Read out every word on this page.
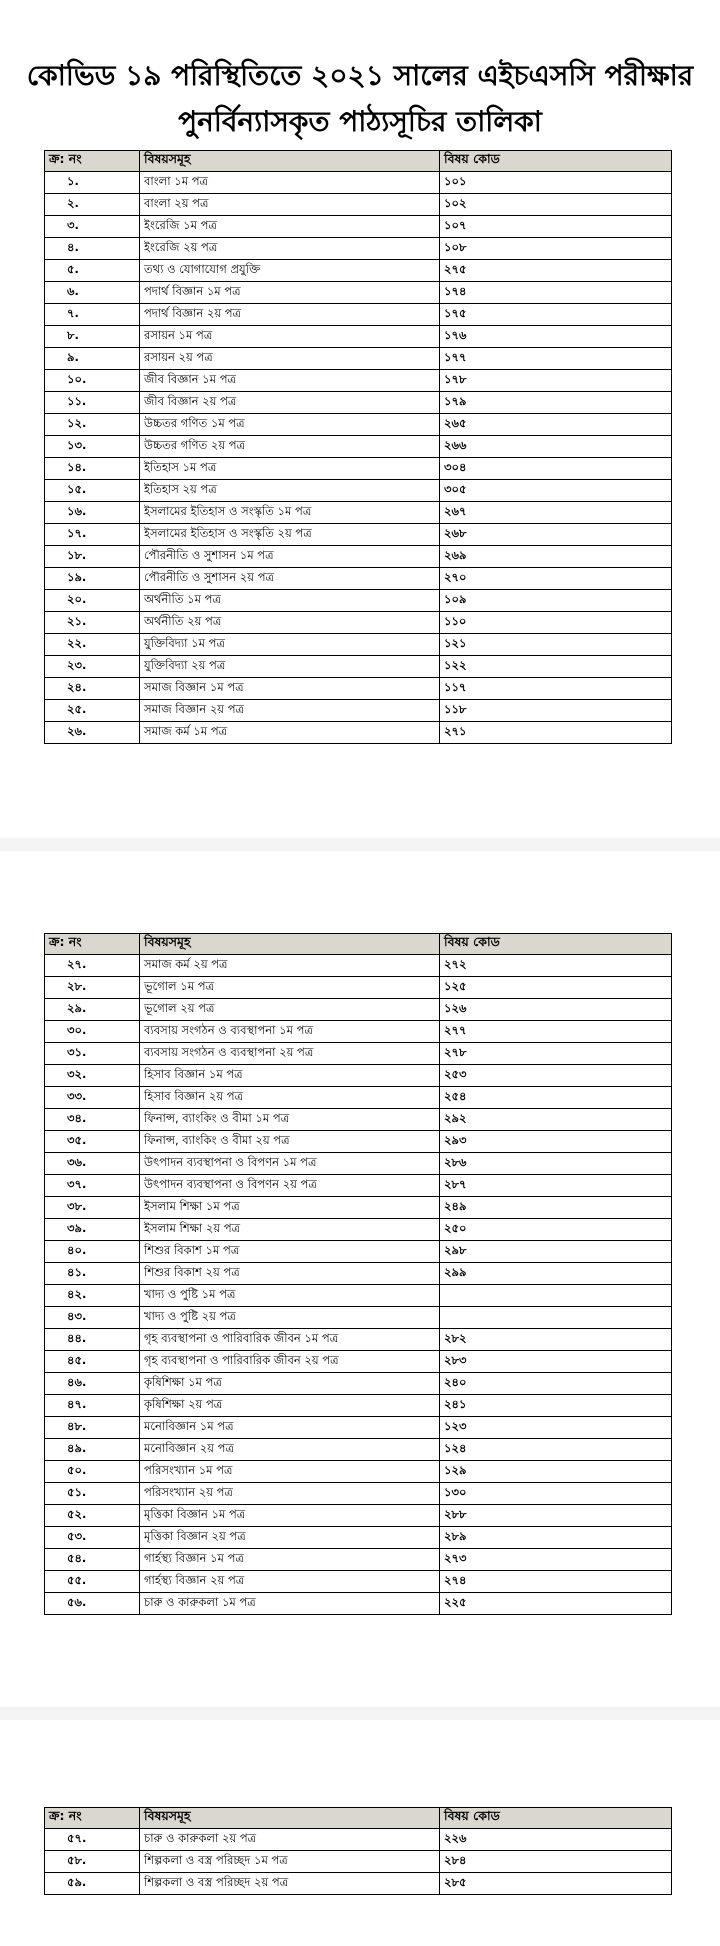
কোভিড ১৯ পরিস্থিতিতে ২০২১ সালের এইচএসসি পরীক্ষার
পুনর্বিন্যাসকৃত পাঠ্যসূচির তালিকা
ক্র: নং	বিষয়সমূহ	বিষয় কোড
১.	বাংলা ১ম পত্র	১০১
২.	বাংলা ২য় পত্র	১০২
৩.	ইংরেজি ১ম পত্র	১০৭
৪.	ইংরেজি ২য় পত্র	১০৮
৫.	তথ্য ও যোগাযোগ প্রযুক্তি	২৭৫
৬.	পদার্থ বিজ্ঞান ১ম পত্র	১৭৪
৭.	পদার্থ বিজ্ঞান ২য় পত্র	১৭৫
৮.	রসায়ন ১ম পত্র	১৭৬
৯.	রসায়ন ২য় পত্র	১৭৭
১০.	জীব বিজ্ঞান ১ম পত্র	১৭৮
১১.	জীব বিজ্ঞান ২য় পত্র	১৭৯
১২.	উচ্চতর গণিত ১ম পত্র	২৬৫
১৩.	উচ্চতর গণিত ২য় পত্র	২৬৬
১৪.	ইতিহাস ১ম পত্র	৩০৪
১৫.	ইতিহাস ২য় পত্র	৩০৫
১৬.	ইসলামের ইতিহাস ও সংস্কৃতি ১ম পত্র	২৬৭
১৭.	ইসলামের ইতিহাস ও সংস্কৃতি ২য় পত্র	২৬৮
১৮.	পৌরনীতি ও সুশাসন ১ম পত্র	২৬৯
১৯.	পৌরনীতি ও সুশাসন ২য় পত্র	২৭০
২০.	অর্থনীতি ১ম পত্র	১০৯
২১.	অর্থনীতি ২য় পত্র	১১০
২২.	যুক্তিবিদ্যা ১ম পত্র	১২১
২৩.	যুক্তিবিদ্যা ২য় পত্র	১২২
২৪.	সমাজ বিজ্ঞান ১ম পত্র	১১৭
২৫.	সমাজ বিজ্ঞান ২য় পত্র	১১৮
২৬.	সমাজ কর্ম ১ম পত্র	২৭১
ক্র: নং	বিষয়সমূহ	বিষয় কোড
২৭.	সমাজ কর্ম ২য় পত্র	২৭২
২৮.	ভূগোল ১ম পত্র	১২৫
২৯.	ভূগোল ২য় পত্র	১২৬
৩০.	ব্যবসায় সংগঠন ও ব্যবস্থাপনা ১ম পত্র	২৭৭
৩১.	ব্যবসায় সংগঠন ও ব্যবস্থাপনা ২য় পত্র	২৭৮
৩২.	হিসাব বিজ্ঞান ১ম পত্র	২৫৩
৩৩.	হিসাব বিজ্ঞান ২য় পত্র	২৫৪
৩৪.	ফিনান্স, ব্যাংকিং ও বীমা ১ম পত্র	২৯২
৩৫.	ফিনান্স, ব্যাংকিং ও বীমা ২য় পত্র	২৯৩
৩৬.	উৎপাদন ব্যবস্থাপনা ও বিপণন ১ম পত্র	২৮৬
৩৭.	উৎপাদন ব্যবস্থাপনা ও বিপণন ২য় পত্র	২৮৭
৩৮.	ইসলাম শিক্ষা ১ম পত্র	২৪৯
৩৯.	ইসলাম শিক্ষা ২য় পত্র	২৫০
৪০.	শিশুর বিকাশ ১ম পত্র	২৯৮
৪১.	শিশুর বিকাশ ২য় পত্র	২৯৯
৪২.	খাদ্য ও পুষ্টি ১ম পত্র	
৪৩.	খাদ্য ও পুষ্টি ২য় পত্র	
৪৪.	গৃহ ব্যবস্থাপনা ও পারিবারিক জীবন ১ম পত্র	২৮২
৪৫.	গৃহ ব্যবস্থাপনা ও পারিবারিক জীবন ২য় পত্র	২৮৩
৪৬.	কৃষিশিক্ষা ১ম পত্র	২৪০
৪৭.	কৃষিশিক্ষা ২য় পত্র	২৪১
৪৮.	মনোবিজ্ঞান ১ম পত্র	১২৩
৪৯.	মনোবিজ্ঞান ২য় পত্র	১২৪
৫০.	পরিসংখ্যান ১ম পত্র	১২৯
৫১.	পরিসংখ্যান ২য় পত্র	১৩০
৫২.	মৃত্তিকা বিজ্ঞান ১ম পত্র	২৮৮
৫৩.	মৃত্তিকা বিজ্ঞান ২য় পত্র	২৮৯
৫৪.	গার্হস্থ্য বিজ্ঞান ১ম পত্র	২৭৩
৫৫.	গার্হস্থ্য বিজ্ঞান ২য় পত্র	২৭৪
৫৬.	চারু ও কারুকলা ১ম পত্র	২২৫
ক্র: নং	বিষয়সমূহ	বিষয় কোড
৫৭.	চারু ও কারুকলা ২য় পত্র	২২৬
৫৮.	শিল্পকলা ও বস্ত্র পরিচ্ছদ ১ম পত্র	২৮৪
৫৯.	শিল্পকলা ও বস্ত্র পরিচ্ছদ ২য় পত্র	২৮৫
